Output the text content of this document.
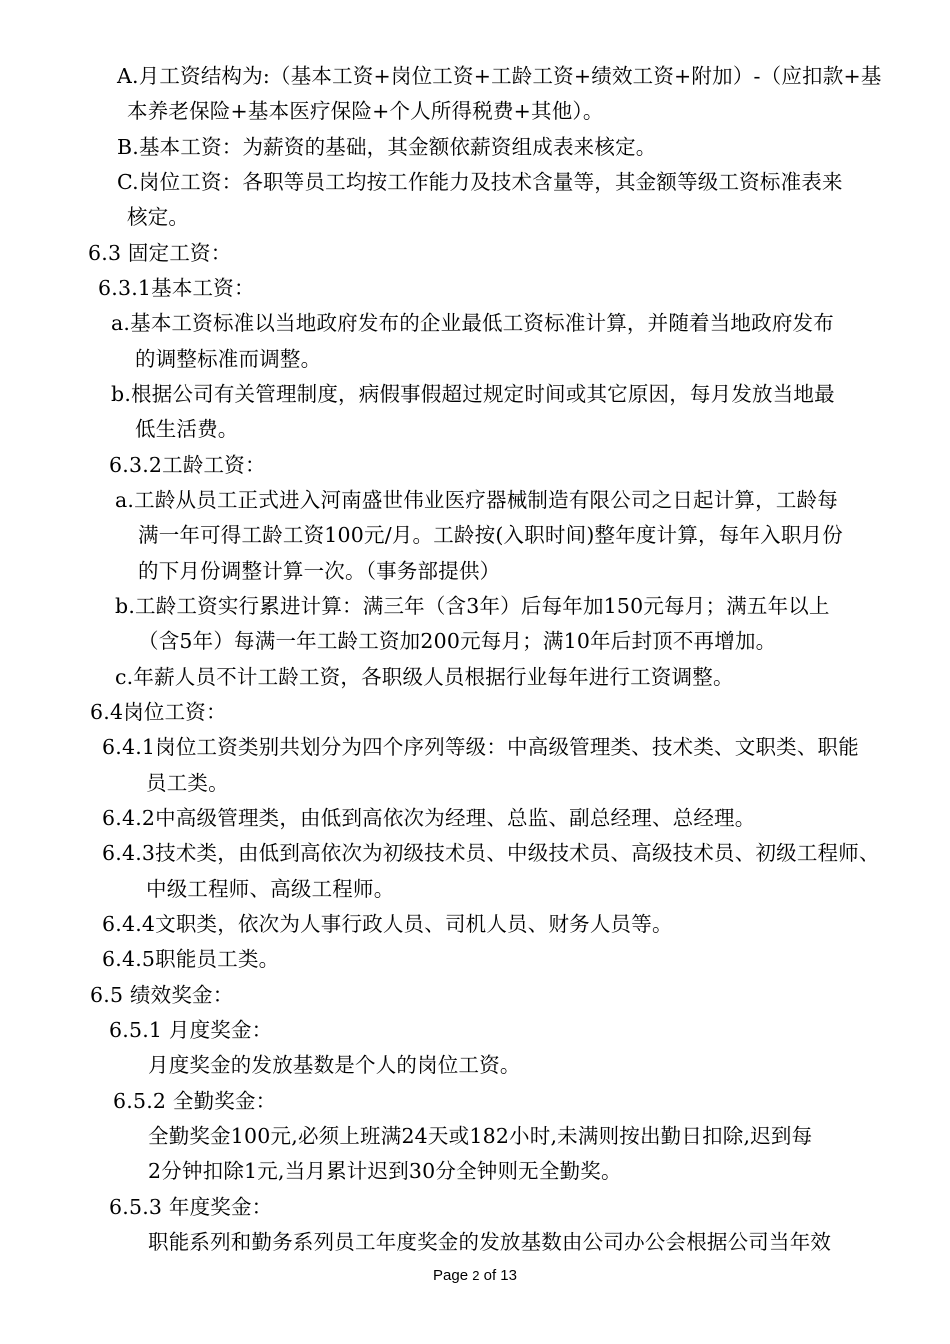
A.月工资结构为:（基本工资+岗位工资+工龄工资+绩效工资+附加）-（应扣款+基
本养老保险+基本医疗保险+个人所得税费+其他）。
B.基本工资：为薪资的基础，其金额依薪资组成表来核定。
C.岗位工资：各职等员工均按工作能力及技术含量等，其金额等级工资标准表来
核定。
6.3 固定工资：
6.3.1基本工资：
a.基本工资标准以当地政府发布的企业最低工资标准计算，并随着当地政府发布
的调整标准而调整。
b.根据公司有关管理制度，病假事假超过规定时间或其它原因，每月发放当地最
低生活费。
6.3.2工龄工资：
a.工龄从员工正式进入河南盛世伟业医疗器械制造有限公司之日起计算，工龄每
满一年可得工龄工资100元/月。工龄按(入职时间)整年度计算，每年入职月份
的下月份调整计算一次。（事务部提供）
b.工龄工资实行累进计算：满三年（含3年）后每年加150元每月；满五年以上
（含5年）每满一年工龄工资加200元每月；满10年后封顶不再增加。
c.年薪人员不计工龄工资，各职级人员根据行业每年进行工资调整。
6.4岗位工资：
6.4.1岗位工资类别共划分为四个序列等级：中高级管理类、技术类、文职类、职能
员工类。
6.4.2中高级管理类，由低到高依次为经理、总监、副总经理、总经理。
6.4.3技术类，由低到高依次为初级技术员、中级技术员、高级技术员、初级工程师、
中级工程师、高级工程师。
6.4.4文职类，依次为人事行政人员、司机人员、财务人员等。
6.4.5职能员工类。
6.5 绩效奖金：
6.5.1 月度奖金：
月度奖金的发放基数是个人的岗位工资。
6.5.2 全勤奖金：
全勤奖金100元,必须上班满24天或182小时,未满则按出勤日扣除,迟到每
2分钟扣除1元,当月累计迟到30分全钟则无全勤奖。
6.5.3 年度奖金：
职能系列和勤务系列员工年度奖金的发放基数由公司办公会根据公司当年效
Page 2 of 13
